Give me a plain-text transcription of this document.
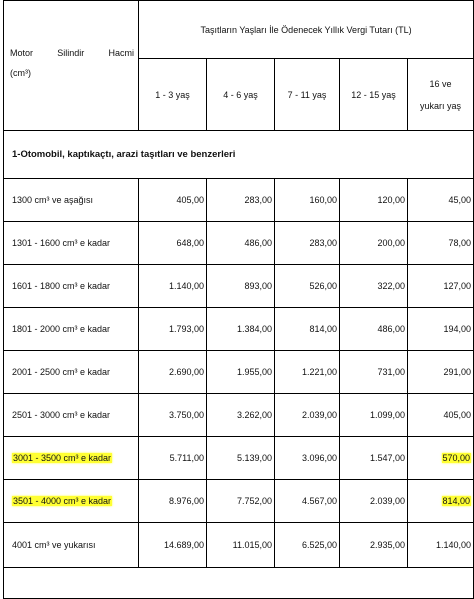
Motor Silindir Hacmi
(cm³)	Taşıtların Yaşları İle Ödenecek Yıllık Vergi Tutarı (TL)				
	1 - 3 yaş	4 - 6 yaş	7 - 11 yaş	12 - 15 yaş	16 ve
yukarı yaş

1-Otomobil, kaptıkaçtı, arazi taşıtları ve benzerleri					
1300 cm³ ve aşağısı	405,00	283,00	160,00	120,00	45,00
1301 - 1600 cm³ e kadar	648,00	486,00	283,00	200,00	78,00
1601 - 1800 cm³ e kadar	1.140,00	893,00	526,00	322,00	127,00
1801 - 2000 cm³ e kadar	1.793,00	1.384,00	814,00	486,00	194,00
2001 - 2500 cm³ e kadar	2.690,00	1.955,00	1.221,00	731,00	291,00
2501 - 3000 cm³ e kadar	3.750,00	3.262,00	2.039,00	1.099,00	405,00
3001 - 3500 cm³ e kadar	5.711,00	5.139,00	3.096,00	1.547,00	570,00
3501 - 4000 cm³ e kadar	8.976,00	7.752,00	4.567,00	2.039,00	814,00
4001 cm³ ve yukarısı	14.689,00	11.015,00	6.525,00	2.935,00	1.140,00
